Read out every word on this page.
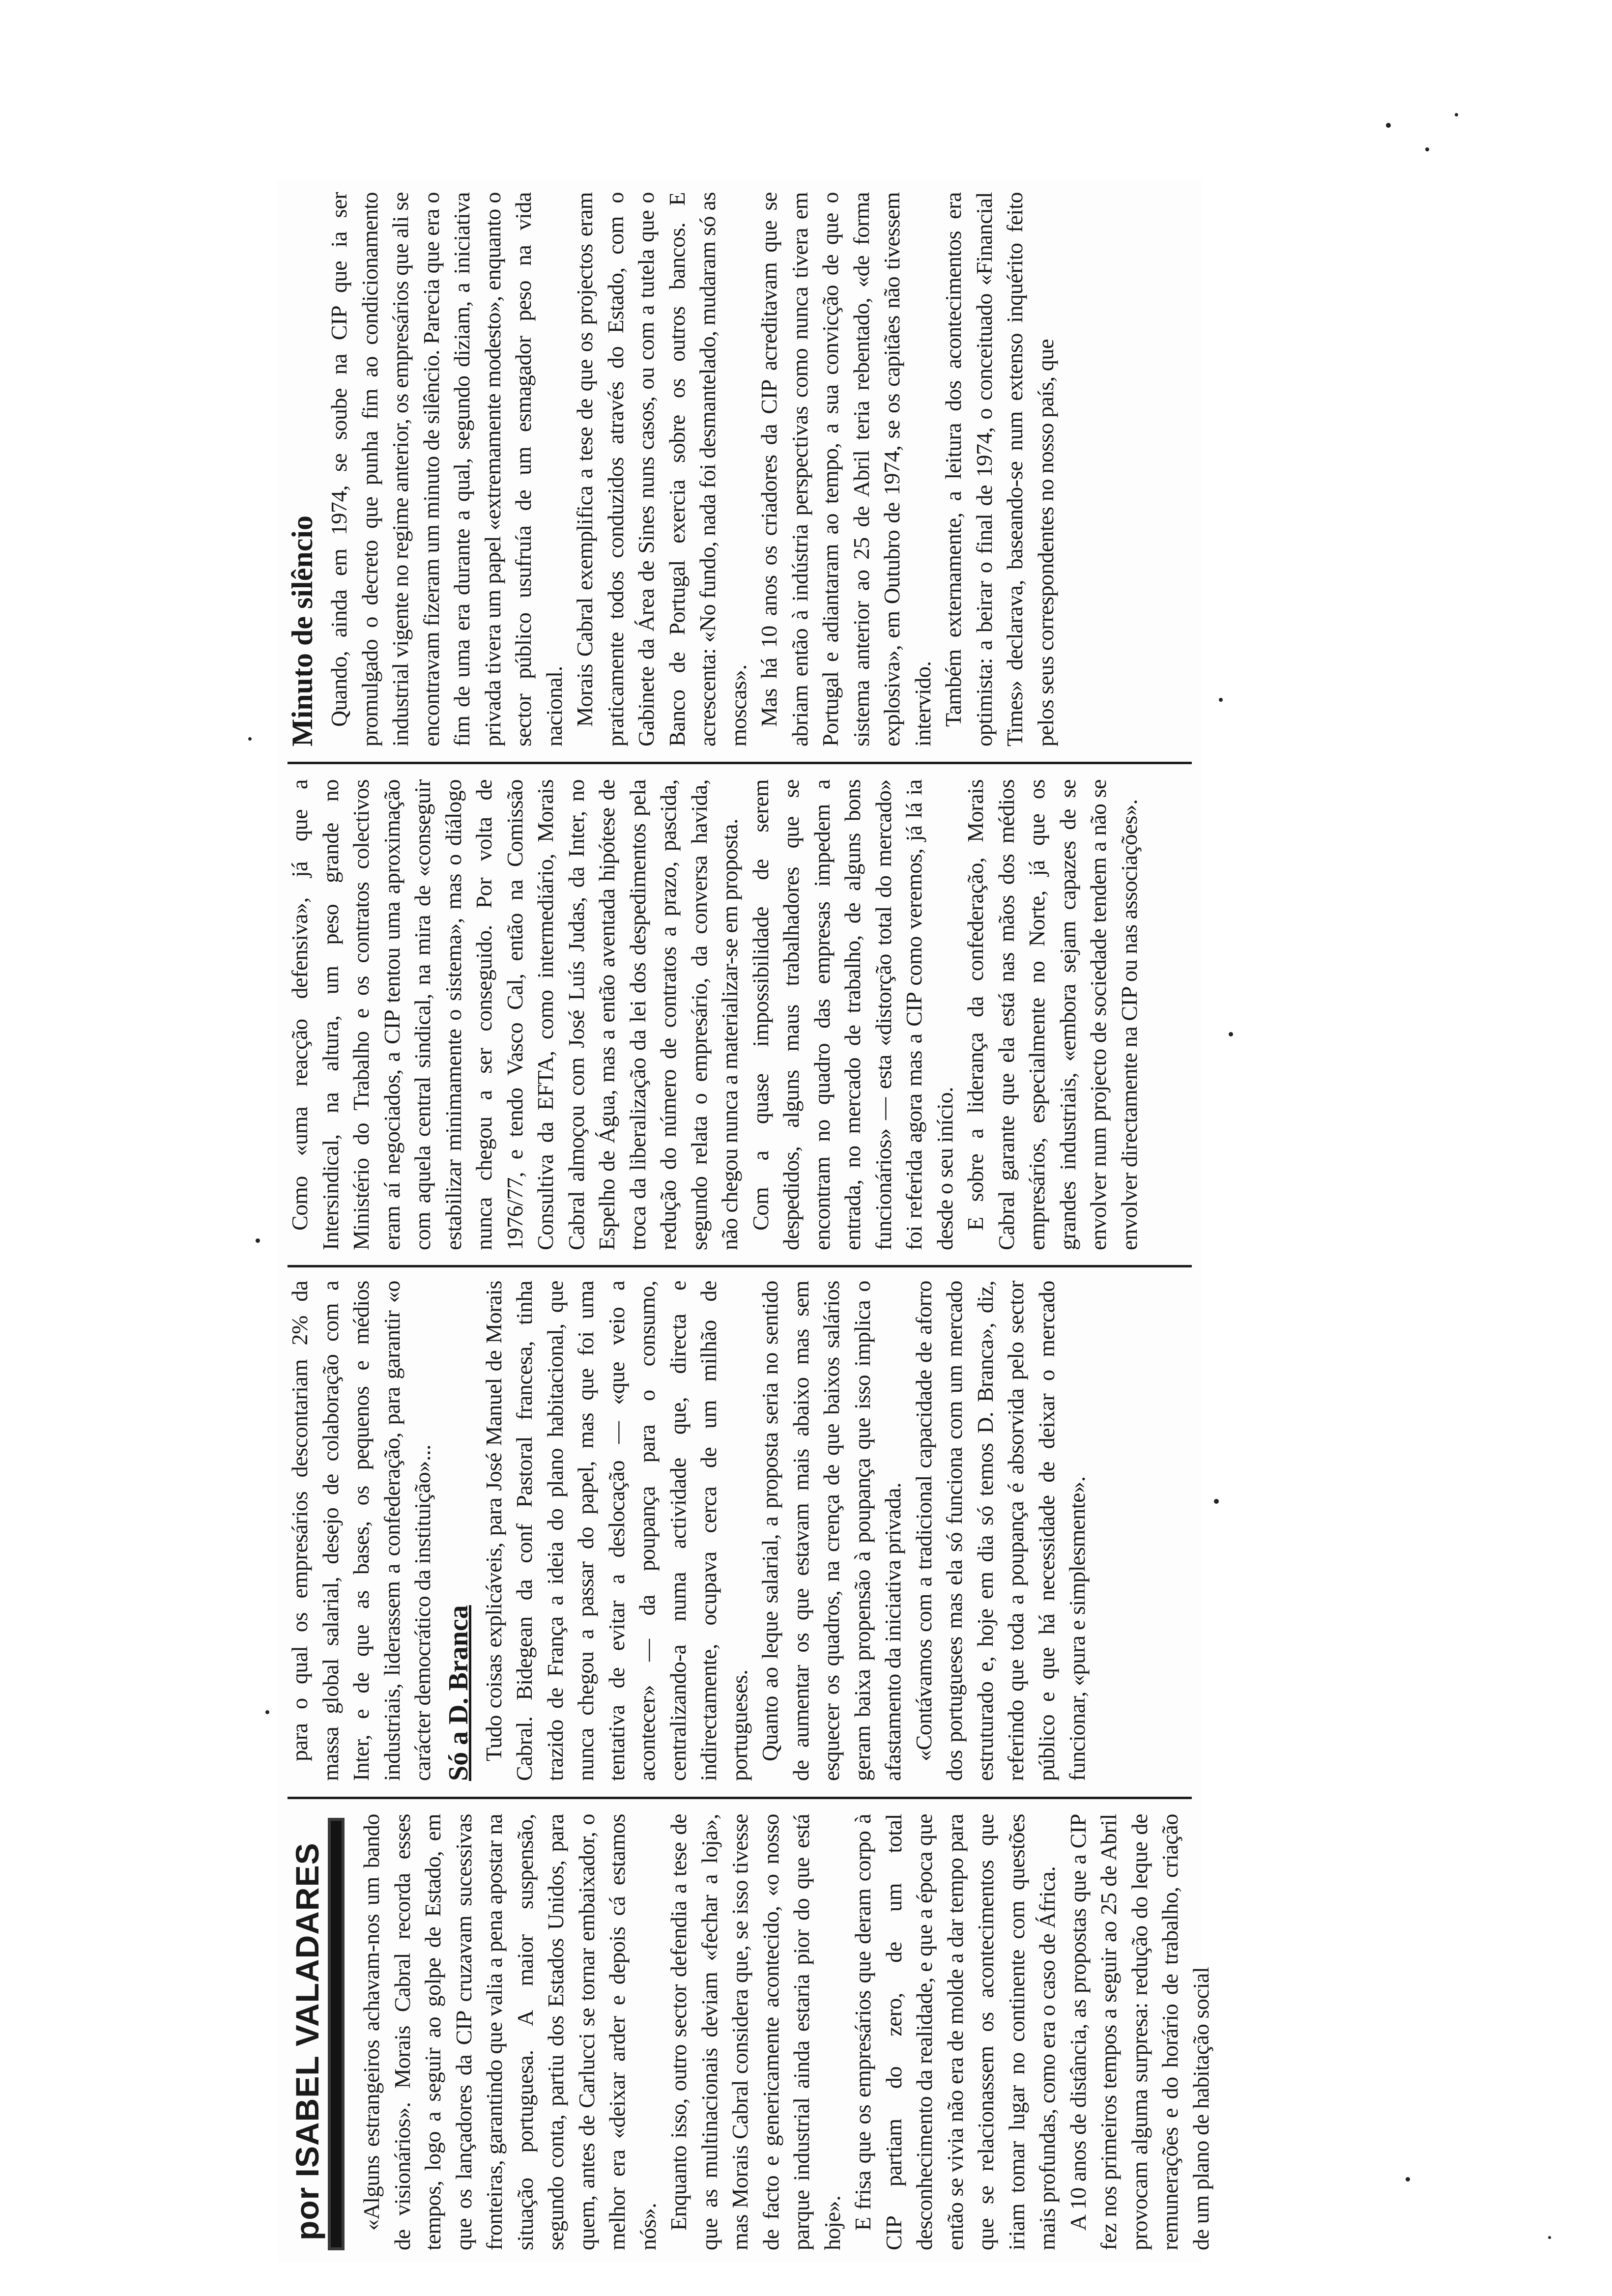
por ISABEL VALADARES «Alguns estrangeiros achavam-nos um bando de visionários». Morais Cabral recorda esses tempos, logo a seguir ao golpe de Estado, em que os lançadores da CIP cruzavam sucessivas fronteiras, garantindo que valia a pena apostar na situação portuguesa. A maior suspensão, segundo conta, partiu dos Estados Unidos, para quem, antes de Carlucci se tornar embaixador, o melhor era «deixar arder e depois cá estamos nós». Enquanto isso, outro sector defendia a tese de que as multinacionais deviam «fechar a loja», mas Morais Cabral considera que, se isso tivesse de facto e genericamente acontecido, «o nosso parque industrial ainda estaria pior do que está hoje». E frisa que os empresários que deram corpo à CIP partiam do zero, de um total desconhecimento da realidade, e que a época que então se vivia não era de molde a dar tempo para que se relacionassem os acontecimentos que iriam tomar lugar no continente com questões mais profundas, como era o caso de África. A 10 anos de distância, as propostas que a CIP fez nos primeiros tempos a seguir ao 25 de Abril provocam alguma surpresa: redução do leque de remunerações e do horário de trabalho, criação de um plano de habitação social

para o qual os empresários descontariam 2% da massa global salarial, desejo de colaboração com a Inter, e de que as bases, os pequenos e médios industriais, liderassem a confederação, para garantir «o carácter democrático da instituição»... Só a D. Branca Tudo coisas explicáveis, para José Manuel de Morais Cabral. Bidegean da conf Pastoral francesa, tinha trazido de França a ideia do plano habitacional, que nunca chegou a passar do papel, mas que foi uma tentativa de evitar a deslocação — «que veio a acontecer» — da poupança para o consumo, centralizando-a numa actividade que, directa e indirectamente, ocupava cerca de um milhão de portugueses. Quanto ao leque salarial, a proposta seria no sentido de aumentar os que estavam mais abaixo mas sem esquecer os quadros, na crença de que baixos salários geram baixa propensão à poupança que isso implica o afastamento da iniciativa privada. «Contávamos com a tradicional capacidade de aforro dos portugueses mas ela só funciona com um mercado estruturado e, hoje em dia só temos D. Branca», diz, referindo que toda a poupança é absorvida pelo sector público e que há necessidade de deixar o mercado funcionar, «pura e simplesmente».

Como «uma reacção defensiva», já que a Intersindical, na altura, um peso grande no Ministério do Trabalho e os contratos colectivos eram aí negociados, a CIP tentou uma aproximação com aquela central sindical, na mira de «conseguir estabilizar minimamente o sistema», mas o diálogo nunca chegou a ser conseguido. Por volta de 1976/77, e tendo Vasco Cal, então na Comissão Consultiva da EFTA, como intermediário, Morais Cabral almoçou com José Luís Judas, da Inter, no Espelho de Água, mas a então aventada hipótese de troca da liberalização da lei dos despedimentos pela redução do número de contratos a prazo, pascida, segundo relata o empresário, da conversa havida, não chegou nunca a materializar-se em proposta. Com a quase impossibilidade de serem despedidos, alguns maus trabalhadores que se encontram no quadro das empresas impedem a entrada, no mercado de trabalho, de alguns bons funcionários» — esta «distorção total do mercado» foi referida agora mas a CIP como veremos, já lá ia desde o seu início. E sobre a liderança da confederação, Morais Cabral garante que ela está nas mãos dos médios empresários, especialmente no Norte, já que os grandes industriais, «embora sejam capazes de se envolver num projecto de sociedade tendem a não se envolver directamente na CIP ou nas associações».

Minuto de silêncio Quando, ainda em 1974, se soube na CIP que ia ser promulgado o decreto que punha fim ao condicionamento industrial vigente no regime anterior, os empresários que ali se encontravam fizeram um minuto de silêncio. Parecia que era o fim de uma era durante a qual, segundo diziam, a iniciativa privada tivera um papel «extremamente modesto», enquanto o sector público usufruía de um esmagador peso na vida nacional. Morais Cabral exemplifica a tese de que os projectos eram praticamente todos conduzidos através do Estado, com o Gabinete da Área de Sines nuns casos, ou com a tutela que o Banco de Portugal exercia sobre os outros bancos. E acrescenta: «No fundo, nada foi desmantelado, mudaram só as moscas». Mas há 10 anos os criadores da CIP acreditavam que se abriam então à indústria perspectivas como nunca tivera em Portugal e adiantaram ao tempo, a sua convicção de que o sistema anterior ao 25 de Abril teria rebentado, «de forma explosiva», em Outubro de 1974, se os capitães não tivessem intervido. Também externamente, a leitura dos acontecimentos era optimista: a beirar o final de 1974, o conceituado «Financial Times» declarava, baseando-se num extenso inquérito feito pelos seus correspondentes no nosso país, que
